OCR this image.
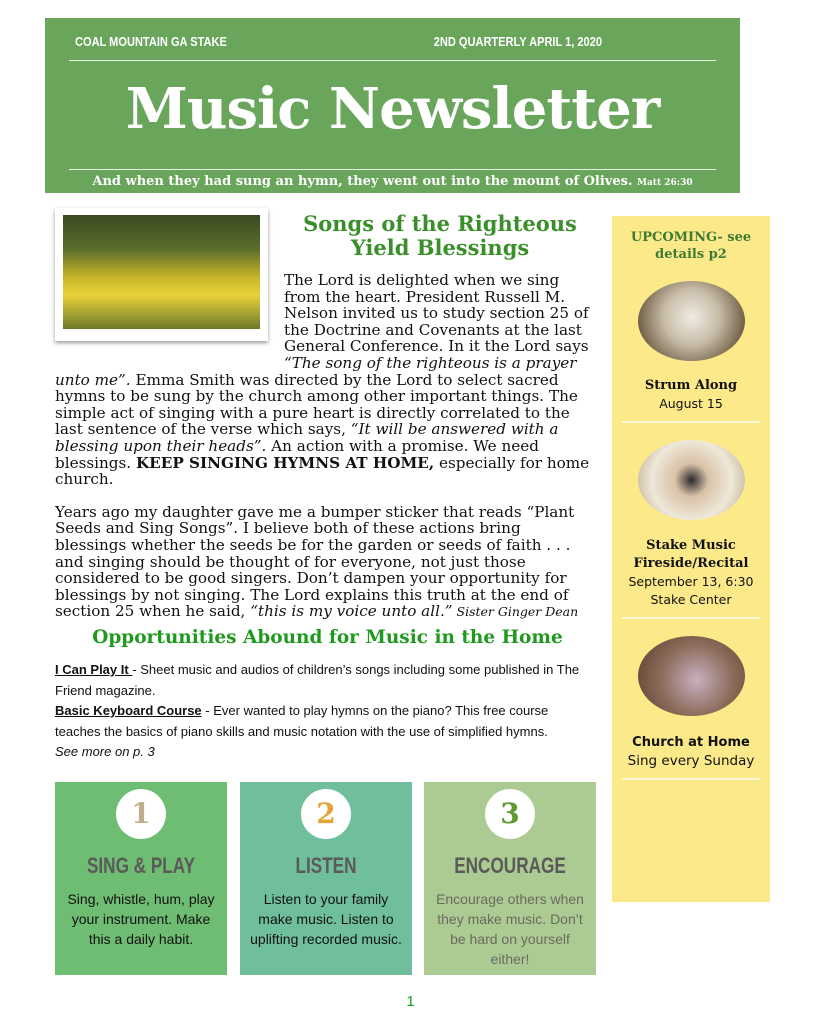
COAL MOUNTAIN GA STAKE	2ND QUARTERLY APRIL 1, 2020
Music Newsletter
And when they had sung an hymn, they went out into the mount of Olives. Matt 26:30
Songs of the Righteous Yield Blessings

The Lord is delighted when we sing from the heart. President Russell M. Nelson invited us to study section 25 of the Doctrine and Covenants at the last General Conference. In it the Lord says “The song of the righteous is a prayer unto me”. Emma Smith was directed by the Lord to select sacred hymns to be sung by the church among other important things. The simple act of singing with a pure heart is directly correlated to the last sentence of the verse which says, “It will be answered with a blessing upon their heads”. An action with a promise. We need blessings. KEEP SINGING HYMNS AT HOME, especially for home church.

Years ago my daughter gave me a bumper sticker that reads “Plant Seeds and Sing Songs”. I believe both of these actions bring blessings whether the seeds be for the garden or seeds of faith . . . and singing should be thought of for everyone, not just those considered to be good singers. Don’t dampen your opportunity for blessings by not singing. The Lord explains this truth at the end of section 25 when he said, “this is my voice unto all.” Sister Ginger Dean

Opportunities Abound for Music in the Home
I Can Play It - Sheet music and audios of children’s songs including some published in The Friend magazine.
Basic Keyboard Course - Ever wanted to play hymns on the piano? This free course teaches the basics of piano skills and music notation with the use of simplified hymns.
See more on p. 3
1
SING & PLAY
Sing, whistle, hum, play your instrument. Make this a daily habit.
2
LISTEN
Listen to your family make music. Listen to uplifting recorded music.
3
ENCOURAGE
Encourage others when they make music. Don’t be hard on yourself either!
1
UPCOMING- see details p2
Strum Along
August 15
Stake Music Fireside/Recital
September 13, 6:30
Stake Center
Church at Home
Sing every Sunday
